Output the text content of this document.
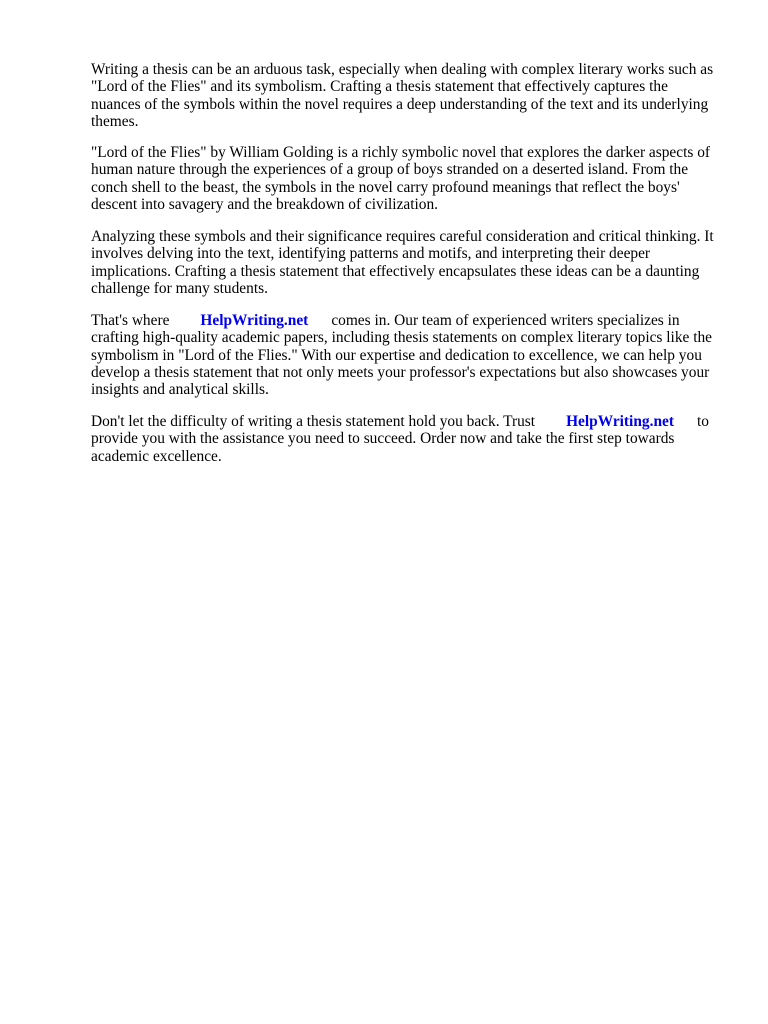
Writing a thesis can be an arduous task, especially when dealing with complex literary works such as
"Lord of the Flies" and its symbolism. Crafting a thesis statement that effectively captures the
nuances of the symbols within the novel requires a deep understanding of the text and its underlying
themes.

"Lord of the Flies" by William Golding is a richly symbolic novel that explores the darker aspects of
human nature through the experiences of a group of boys stranded on a deserted island. From the
conch shell to the beast, the symbols in the novel carry profound meanings that reflect the boys'
descent into savagery and the breakdown of civilization.

Analyzing these symbols and their significance requires careful consideration and critical thinking. It
involves delving into the text, identifying patterns and motifs, and interpreting their deeper
implications. Crafting a thesis statement that effectively encapsulates these ideas can be a daunting
challenge for many students.

That's where HelpWriting.net comes in. Our team of experienced writers specializes in
crafting high-quality academic papers, including thesis statements on complex literary topics like the
symbolism in "Lord of the Flies." With our expertise and dedication to excellence, we can help you
develop a thesis statement that not only meets your professor's expectations but also showcases your
insights and analytical skills.

Don't let the difficulty of writing a thesis statement hold you back. Trust HelpWriting.net to
provide you with the assistance you need to succeed. Order now and take the first step towards
academic excellence.
